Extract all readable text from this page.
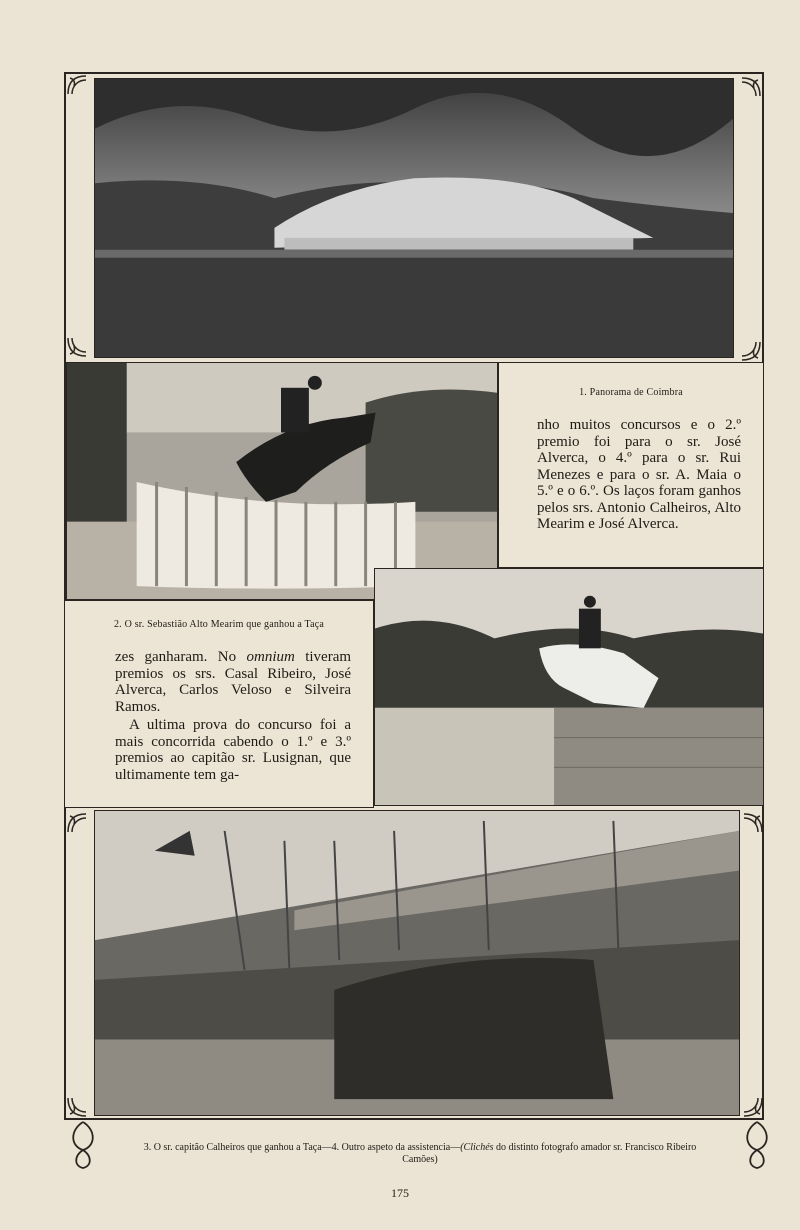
1. Panorama de Coimbra
nho muitos concursos e o 2.º premio foi para o sr. José Alverca, o 4.º para o sr. Rui Menezes e para o sr. A. Maia o 5.º e o 6.º. Os laços foram ganhos pelos srs. Antonio Calheiros, Alto Mearim e José Alverca.
2. O sr. Sebastião Alto Mearim que ganhou a Taça
zes ganharam. No omnium tiveram premios os srs. Casal Ribeiro, José Alverca, Carlos Veloso e Silveira Ramos.
A ultima prova do concurso foi a mais concorrida cabendo o 1.º e 3.º premios ao capitão sr. Lusignan, que ultimamente tem ga-
3. O sr. capitão Calheiros que ganhou a Taça—4. Outro aspeto da assistencia—(Clichés do distinto fotografo amador sr. Francisco Ribeiro Camões)
175
